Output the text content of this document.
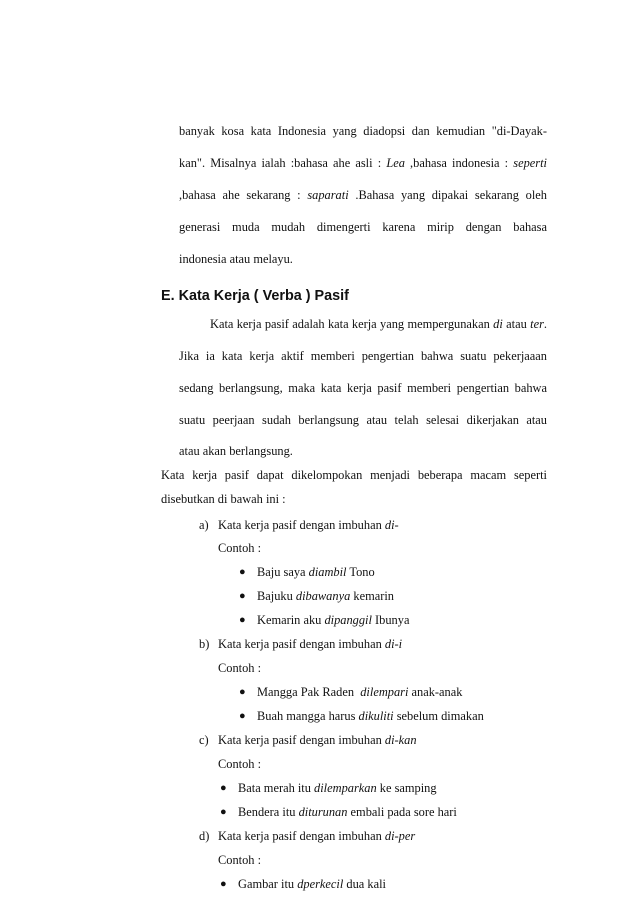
banyak kosa kata Indonesia yang diadopsi dan kemudian "di-Dayak-
kan". Misalnya ialah :bahasa ahe asli : Lea ,bahasa indonesia : seperti
,bahasa ahe sekarang : saparati .Bahasa yang dipakai sekarang oleh
generasi muda mudah dimengerti karena mirip dengan bahasa
indonesia atau melayu.
E. Kata Kerja ( Verba ) Pasif
Kata kerja pasif adalah kata kerja yang mempergunakan di atau ter.
Jika ia kata kerja aktif memberi pengertian bahwa suatu pekerjaaan
sedang berlangsung, maka kata kerja pasif memberi pengertian bahwa
suatu peerjaan sudah berlangsung atau telah selesai dikerjakan atau
atau akan berlangsung.
Kata kerja pasif dapat dikelompokan menjadi beberapa macam seperti
disebutkan di bawah ini :
a) Kata kerja pasif dengan imbuhan di-
Contoh :
● Baju saya diambil Tono
● Bajuku dibawanya kemarin
● Kemarin aku dipanggil Ibunya
b) Kata kerja pasif dengan imbuhan di-i
Contoh :
● Mangga Pak Raden  dilempari anak-anak
● Buah mangga harus dikuliti sebelum dimakan
c) Kata kerja pasif dengan imbuhan di-kan
Contoh :
● Bata merah itu dilemparkan ke samping
● Bendera itu diturunan embali pada sore hari
d) Kata kerja pasif dengan imbuhan di-per
Contoh :
● Gambar itu dperkecil dua kali
